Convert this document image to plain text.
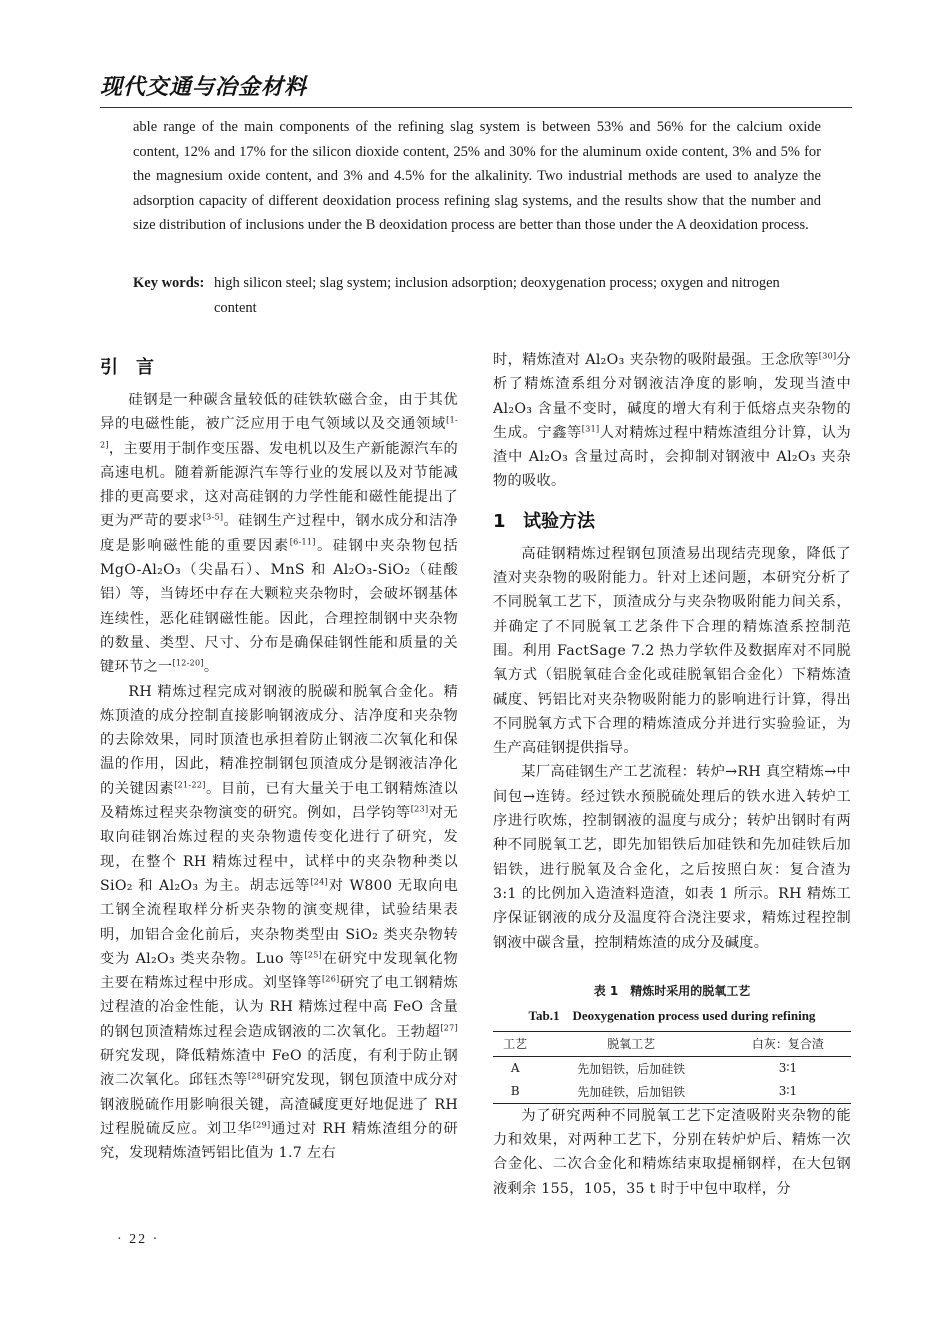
现代交通与冶金材料
able range of the main components of the refining slag system is between 53% and 56% for the calcium oxide content, 12% and 17% for the silicon dioxide content, 25% and 30% for the aluminum oxide content, 3% and 5% for the magnesium oxide content, and 3% and 4.5% for the alkalinity. Two industrial methods are used to analyze the adsorption capacity of different deoxidation process refining slag systems, and the results show that the number and size distribution of inclusions under the B deoxidation process are better than those under the A deoxidation process.
Key words: high silicon steel; slag system; inclusion adsorption; deoxygenation process; oxygen and nitrogen content
引 言

硅钢是一种碳含量较低的硅铁软磁合金，由于其优异的电磁性能，被广泛应用于电气领域以及交通领域[1-2]，主要用于制作变压器、发电机以及生产新能源汽车的高速电机。随着新能源汽车等行业的发展以及对节能减排的更高要求，这对高硅钢的力学性能和磁性能提出了更为严苛的要求[3-5]。硅钢生产过程中，钢水成分和洁净度是影响磁性能的重要因素[6-11]。硅钢中夹杂物包括 MgO-Al₂O₃（尖晶石）、MnS 和 Al₂O₃-SiO₂（硅酸铝）等，当铸坯中存在大颗粒夹杂物时，会破坏钢基体连续性，恶化硅钢磁性能。因此，合理控制钢中夹杂物的数量、类型、尺寸、分布是确保硅钢性能和质量的关键环节之一[12-20]。

RH 精炼过程完成对钢液的脱碳和脱氧合金化。精炼顶渣的成分控制直接影响钢液成分、洁净度和夹杂物的去除效果，同时顶渣也承担着防止钢液二次氧化和保温的作用，因此，精准控制钢包顶渣成分是钢液洁净化的关键因素[21-22]。目前，已有大量关于电工钢精炼渣以及精炼过程夹杂物演变的研究。例如，吕学钧等[23]对无取向硅钢冶炼过程的夹杂物遗传变化进行了研究，发现，在整个 RH 精炼过程中，试样中的夹杂物种类以 SiO₂ 和 Al₂O₃ 为主。胡志远等[24]对 W800 无取向电工钢全流程取样分析夹杂物的演变规律，试验结果表明，加铝合金化前后，夹杂物类型由 SiO₂ 类夹杂物转变为 Al₂O₃ 类夹杂物。Luo 等[25]在研究中发现氧化物主要在精炼过程中形成。刘坚锋等[26]研究了电工钢精炼过程渣的冶金性能，认为 RH 精炼过程中高 FeO 含量的钢包顶渣精炼过程会造成钢液的二次氧化。王勃超[27]研究发现，降低精炼渣中 FeO 的活度，有利于防止钢液二次氧化。邱钰杰等[28]研究发现，钢包顶渣中成分对钢液脱硫作用影响很关键，高渣碱度更好地促进了 RH 过程脱硫反应。刘卫华[29]通过对 RH 精炼渣组分的研究，发现精炼渣钙铝比值为 1.7 左右

时，精炼渣对 Al₂O₃ 夹杂物的吸附最强。王念欣等[30]分析了精炼渣系组分对钢液洁净度的影响，发现当渣中 Al₂O₃ 含量不变时，碱度的增大有利于低熔点夹杂物的生成。宁鑫等[31]人对精炼过程中精炼渣组分计算，认为渣中 Al₂O₃ 含量过高时，会抑制对钢液中 Al₂O₃ 夹杂物的吸收。

1 试验方法

高硅钢精炼过程钢包顶渣易出现结壳现象，降低了渣对夹杂物的吸附能力。针对上述问题，本研究分析了不同脱氧工艺下，顶渣成分与夹杂物吸附能力间关系，并确定了不同脱氧工艺条件下合理的精炼渣系控制范围。利用 FactSage 7.2 热力学软件及数据库对不同脱氧方式（铝脱氧硅合金化或硅脱氧铝合金化）下精炼渣碱度、钙铝比对夹杂物吸附能力的影响进行计算，得出不同脱氧方式下合理的精炼渣成分并进行实验验证，为生产高硅钢提供指导。

某厂高硅钢生产工艺流程：转炉→RH 真空精炼→中间包→连铸。经过铁水预脱硫处理后的铁水进入转炉工序进行吹炼，控制钢液的温度与成分；转炉出钢时有两种不同脱氧工艺，即先加铝铁后加硅铁和先加硅铁后加铝铁，进行脱氧及合金化，之后按照白灰：复合渣为 3:1 的比例加入造渣料造渣，如表 1 所示。RH 精炼工序保证钢液的成分及温度符合浇注要求，精炼过程控制钢液中碳含量，控制精炼渣的成分及碱度。

表 1　精炼时采用的脱氧工艺
Tab.1　Deoxygenation process used during refining
工艺	脱氧工艺	白灰：复合渣
A	先加铝铁，后加硅铁	3∶1
B	先加硅铁，后加铝铁	3∶1

为了研究两种不同脱氧工艺下定渣吸附夹杂物的能力和效果，对两种工艺下，分别在转炉炉后、精炼一次合金化、二次合金化和精炼结束取提桶钢样，在大包钢液剩余 155，105，35 t 时于中包中取样，分

· 22 ·
